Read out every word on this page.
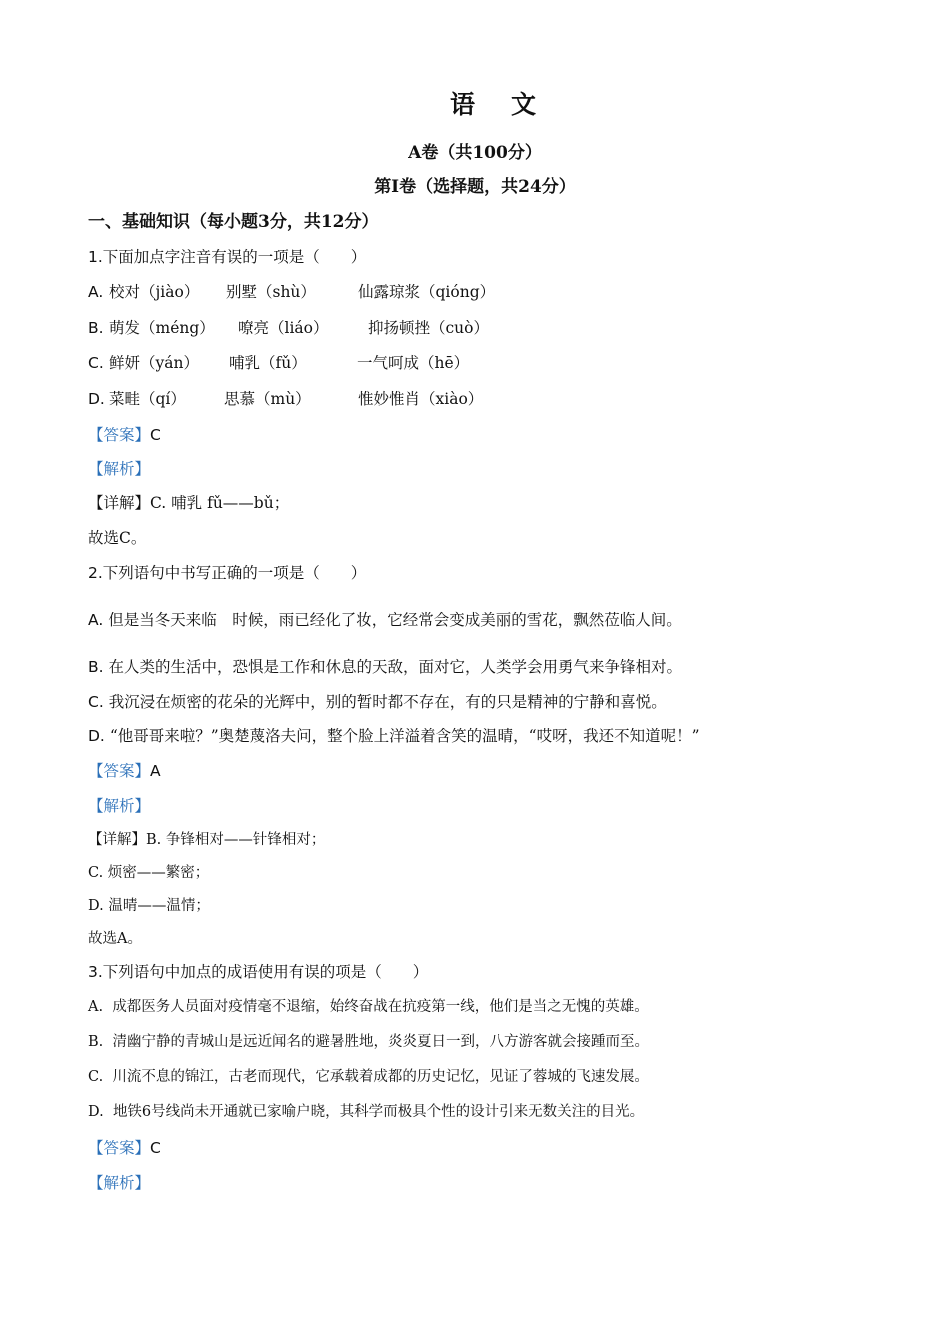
语文
A卷（共100分）
第Ⅰ卷（选择题，共24分）
一、基础知识（每小题3分，共12分）
1.下面加点字注音有误的一项是（　　）
A. 校对（jiào） 别墅（shù）	仙露琼浆（qióng）
B. 萌发（méng） 嘹亮（liáo）	抑扬顿挫（cuò）
C. 鲜妍（yán） 哺乳（fǔ）	一气呵成（hē）
D. 菜畦（qí） 思慕（mù）	惟妙惟肖（xiào）
【答案】C
【解析】
【详解】C. 哺乳 fǔ——bǔ；
故选C。
2.下列语句中书写正确的一项是（　　）
A. 但是当冬天来临　时候，雨已经化了妆，它经常会变成美丽的雪花，飘然莅临人间。
B. 在人类的生活中，恐惧是工作和休息的天敌，面对它，人类学会用勇气来争锋相对。
C. 我沉浸在烦密的花朵的光辉中，别的暂时都不存在，有的只是精神的宁静和喜悦。
D. “他哥哥来啦？”奥楚蔑洛夫问，整个脸上洋溢着含笑的温晴，“哎呀，我还不知道呢！”
【答案】A
【解析】
【详解】B. 争锋相对——针锋相对；
C. 烦密——繁密；
D. 温晴——温情；
故选A。
3.下列语句中加点的成语使用有误的项是（　　）
A. 成都医务人员面对疫情毫不退缩，始终奋战在抗疫第一线，他们是当之无愧的英雄。
B. 清幽宁静的青城山是远近闻名的避暑胜地，炎炎夏日一到，八方游客就会接踵而至。
C. 川流不息的锦江，古老而现代，它承载着成都的历史记忆，见证了蓉城的飞速发展。
D. 地铁6号线尚未开通就已家喻户晓，其科学而极具个性的设计引来无数关注的目光。
【答案】C
【解析】
